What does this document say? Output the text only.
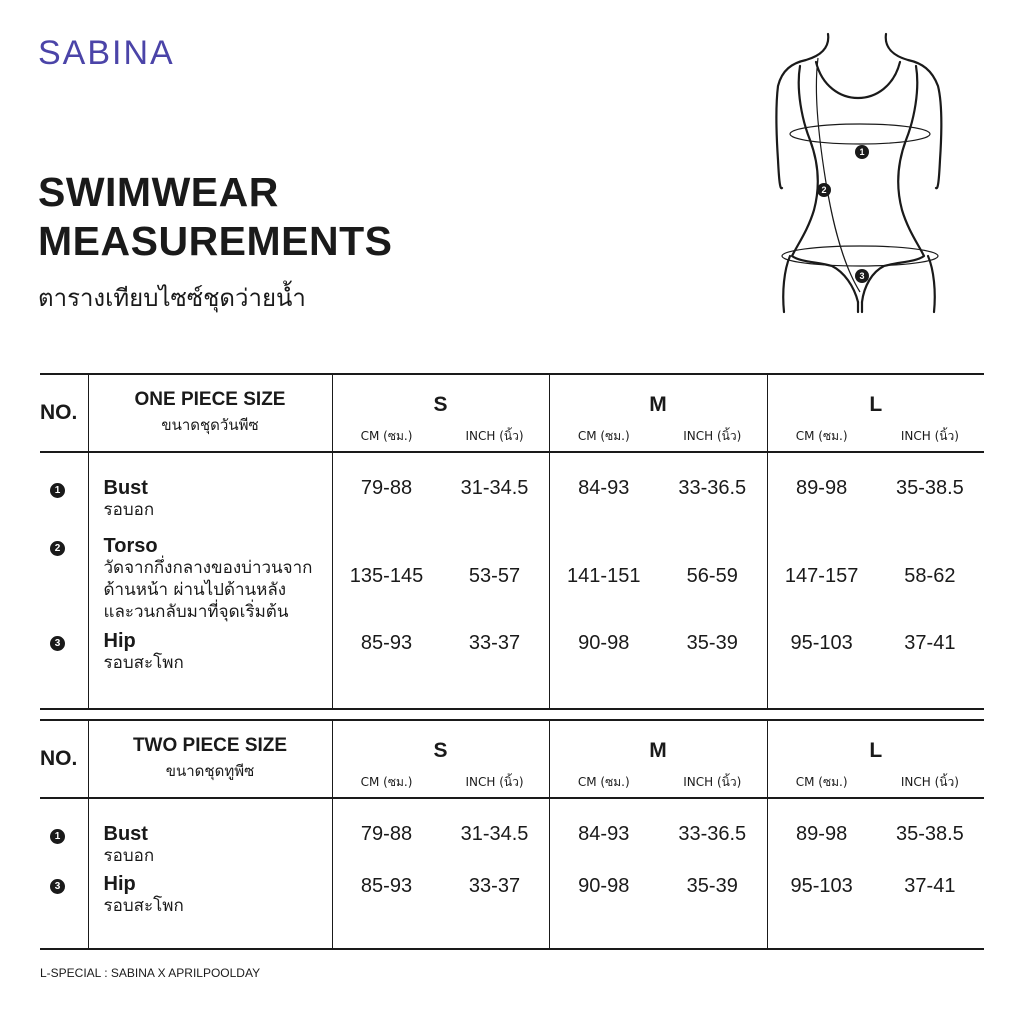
SABINA
SWIMWEAR
MEASUREMENTS

ตารางเทียบไซซ์ชุดว่ายน้ำ

1
2
3
NO.	ONE PIECE SIZE
ขนาดชุดวันพีซ	S
CM (ซม.) INCH (นิ้ว)	M
CM (ซม.) INCH (นิ้ว)	L
CM (ซม.) INCH (นิ้ว)

1	Bust
รอบอก	79-88 31-34.5	84-93 33-36.5	89-98 35-38.5

2	Torso
วัดจากกึ่งกลางของบ่าวนจาก
ด้านหน้า ผ่านไปด้านหลัง
และวนกลับมาที่จุดเริ่มต้น	135-145 53-57	141-151 56-59	147-157 58-62

3	Hip
รอบสะโพก	85-93 33-37	90-98 35-39	95-103 37-41
NO.	TWO PIECE SIZE
ขนาดชุดทูพีซ	S
CM (ซม.) INCH (นิ้ว)	M
CM (ซม.) INCH (นิ้ว)	L
CM (ซม.) INCH (นิ้ว)

1	Bust
รอบอก	79-88 31-34.5	84-93 33-36.5	89-98 35-38.5

3	Hip
รอบสะโพก	85-93 33-37	90-98 35-39	95-103 37-41

L-SPECIAL : SABINA X APRILPOOLDAY
